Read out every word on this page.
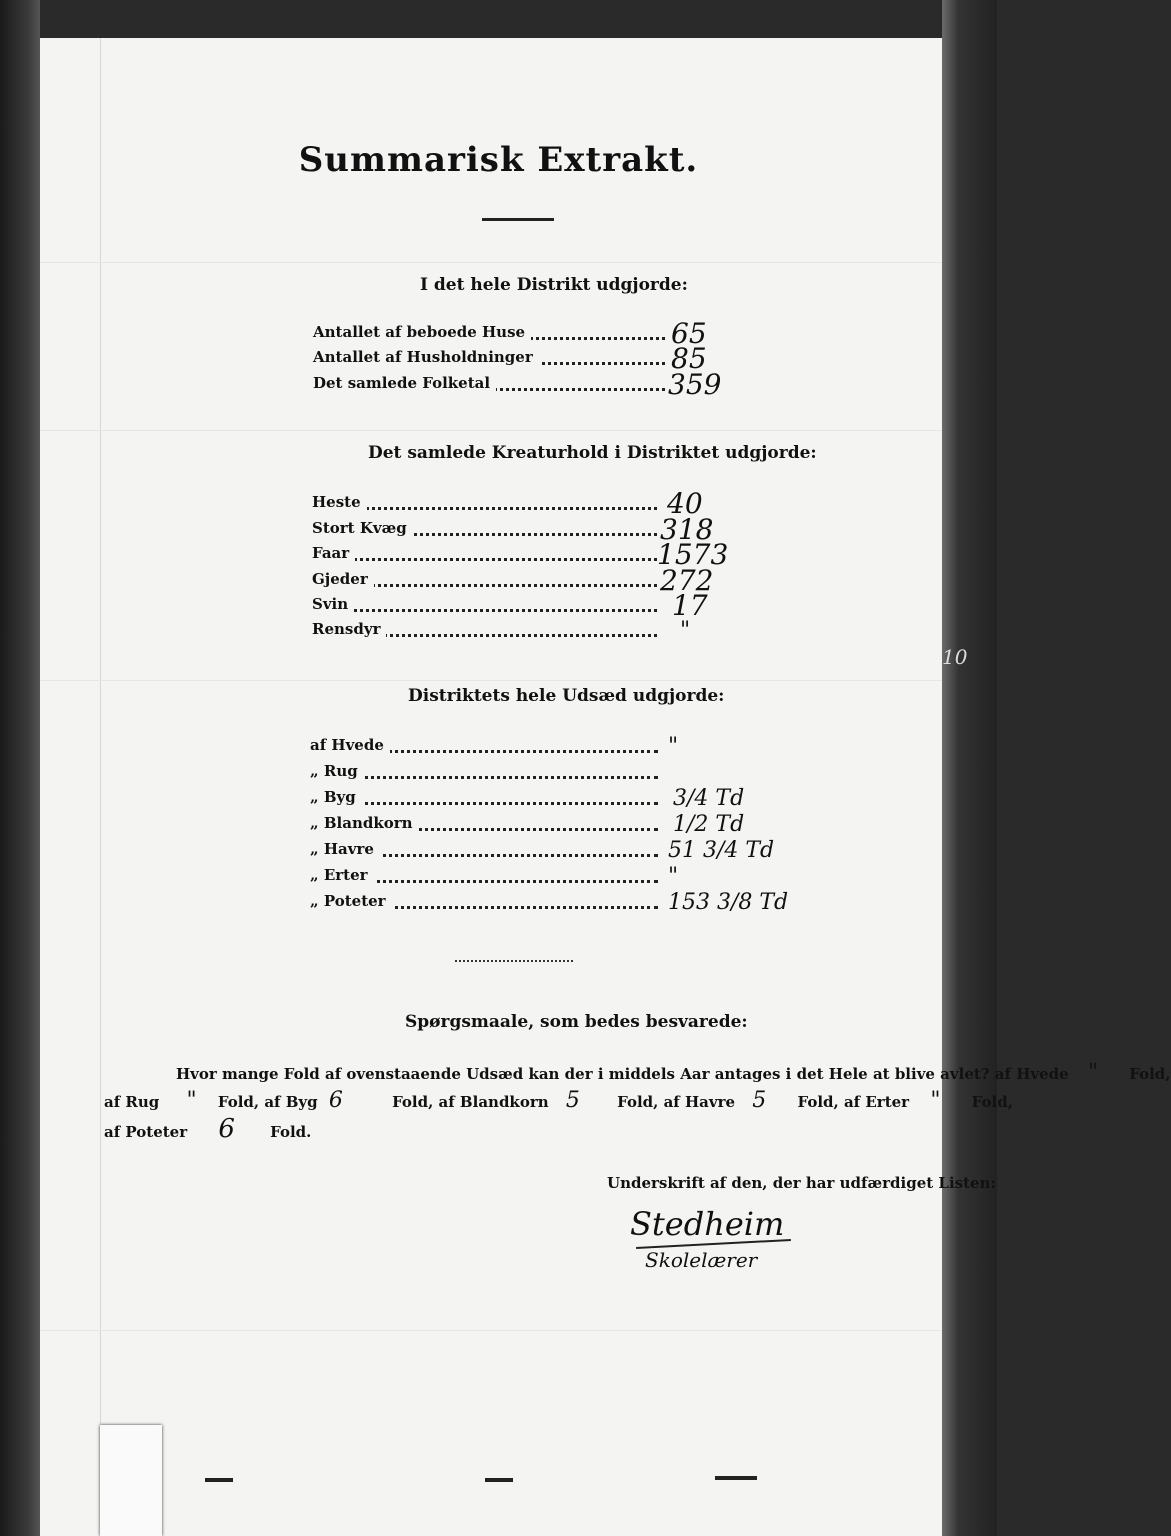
10
Summarisk Extrakt.
I det hele Distrikt udgjorde:
Antallet af beboede Huse	65
Antallet af Husholdninger	85
Det samlede Folketal	359
Det samlede Kreaturhold i Distriktet udgjorde:
Heste	40
Stort Kvæg	318
Faar	1573
Gjeder	272
Svin	17
Rensdyr	"
Distriktets hele Udsæd udgjorde:
af Hvede	"
„ Rug
„ Byg	3/4 Td
„ Blandkorn	1/2 Td
„ Havre	51 3/4 Td
„ Erter	"
„ Poteter	153 3/8 Td
Spørgsmaale, som bedes besvarede:
Hvor mange Fold af ovenstaaende Udsæd kan der i middels Aar antages i det Hele at blive avlet? af Hvede " Fold,
af Rug " Fold, af Byg 6	Fold, af Blandkorn 5 Fold, af Havre 5 Fold, af Erter " Fold,
af Poteter 6 Fold.
Underskrift af den, der har udfærdiget Listen:
Stedheim
Skolelærer
